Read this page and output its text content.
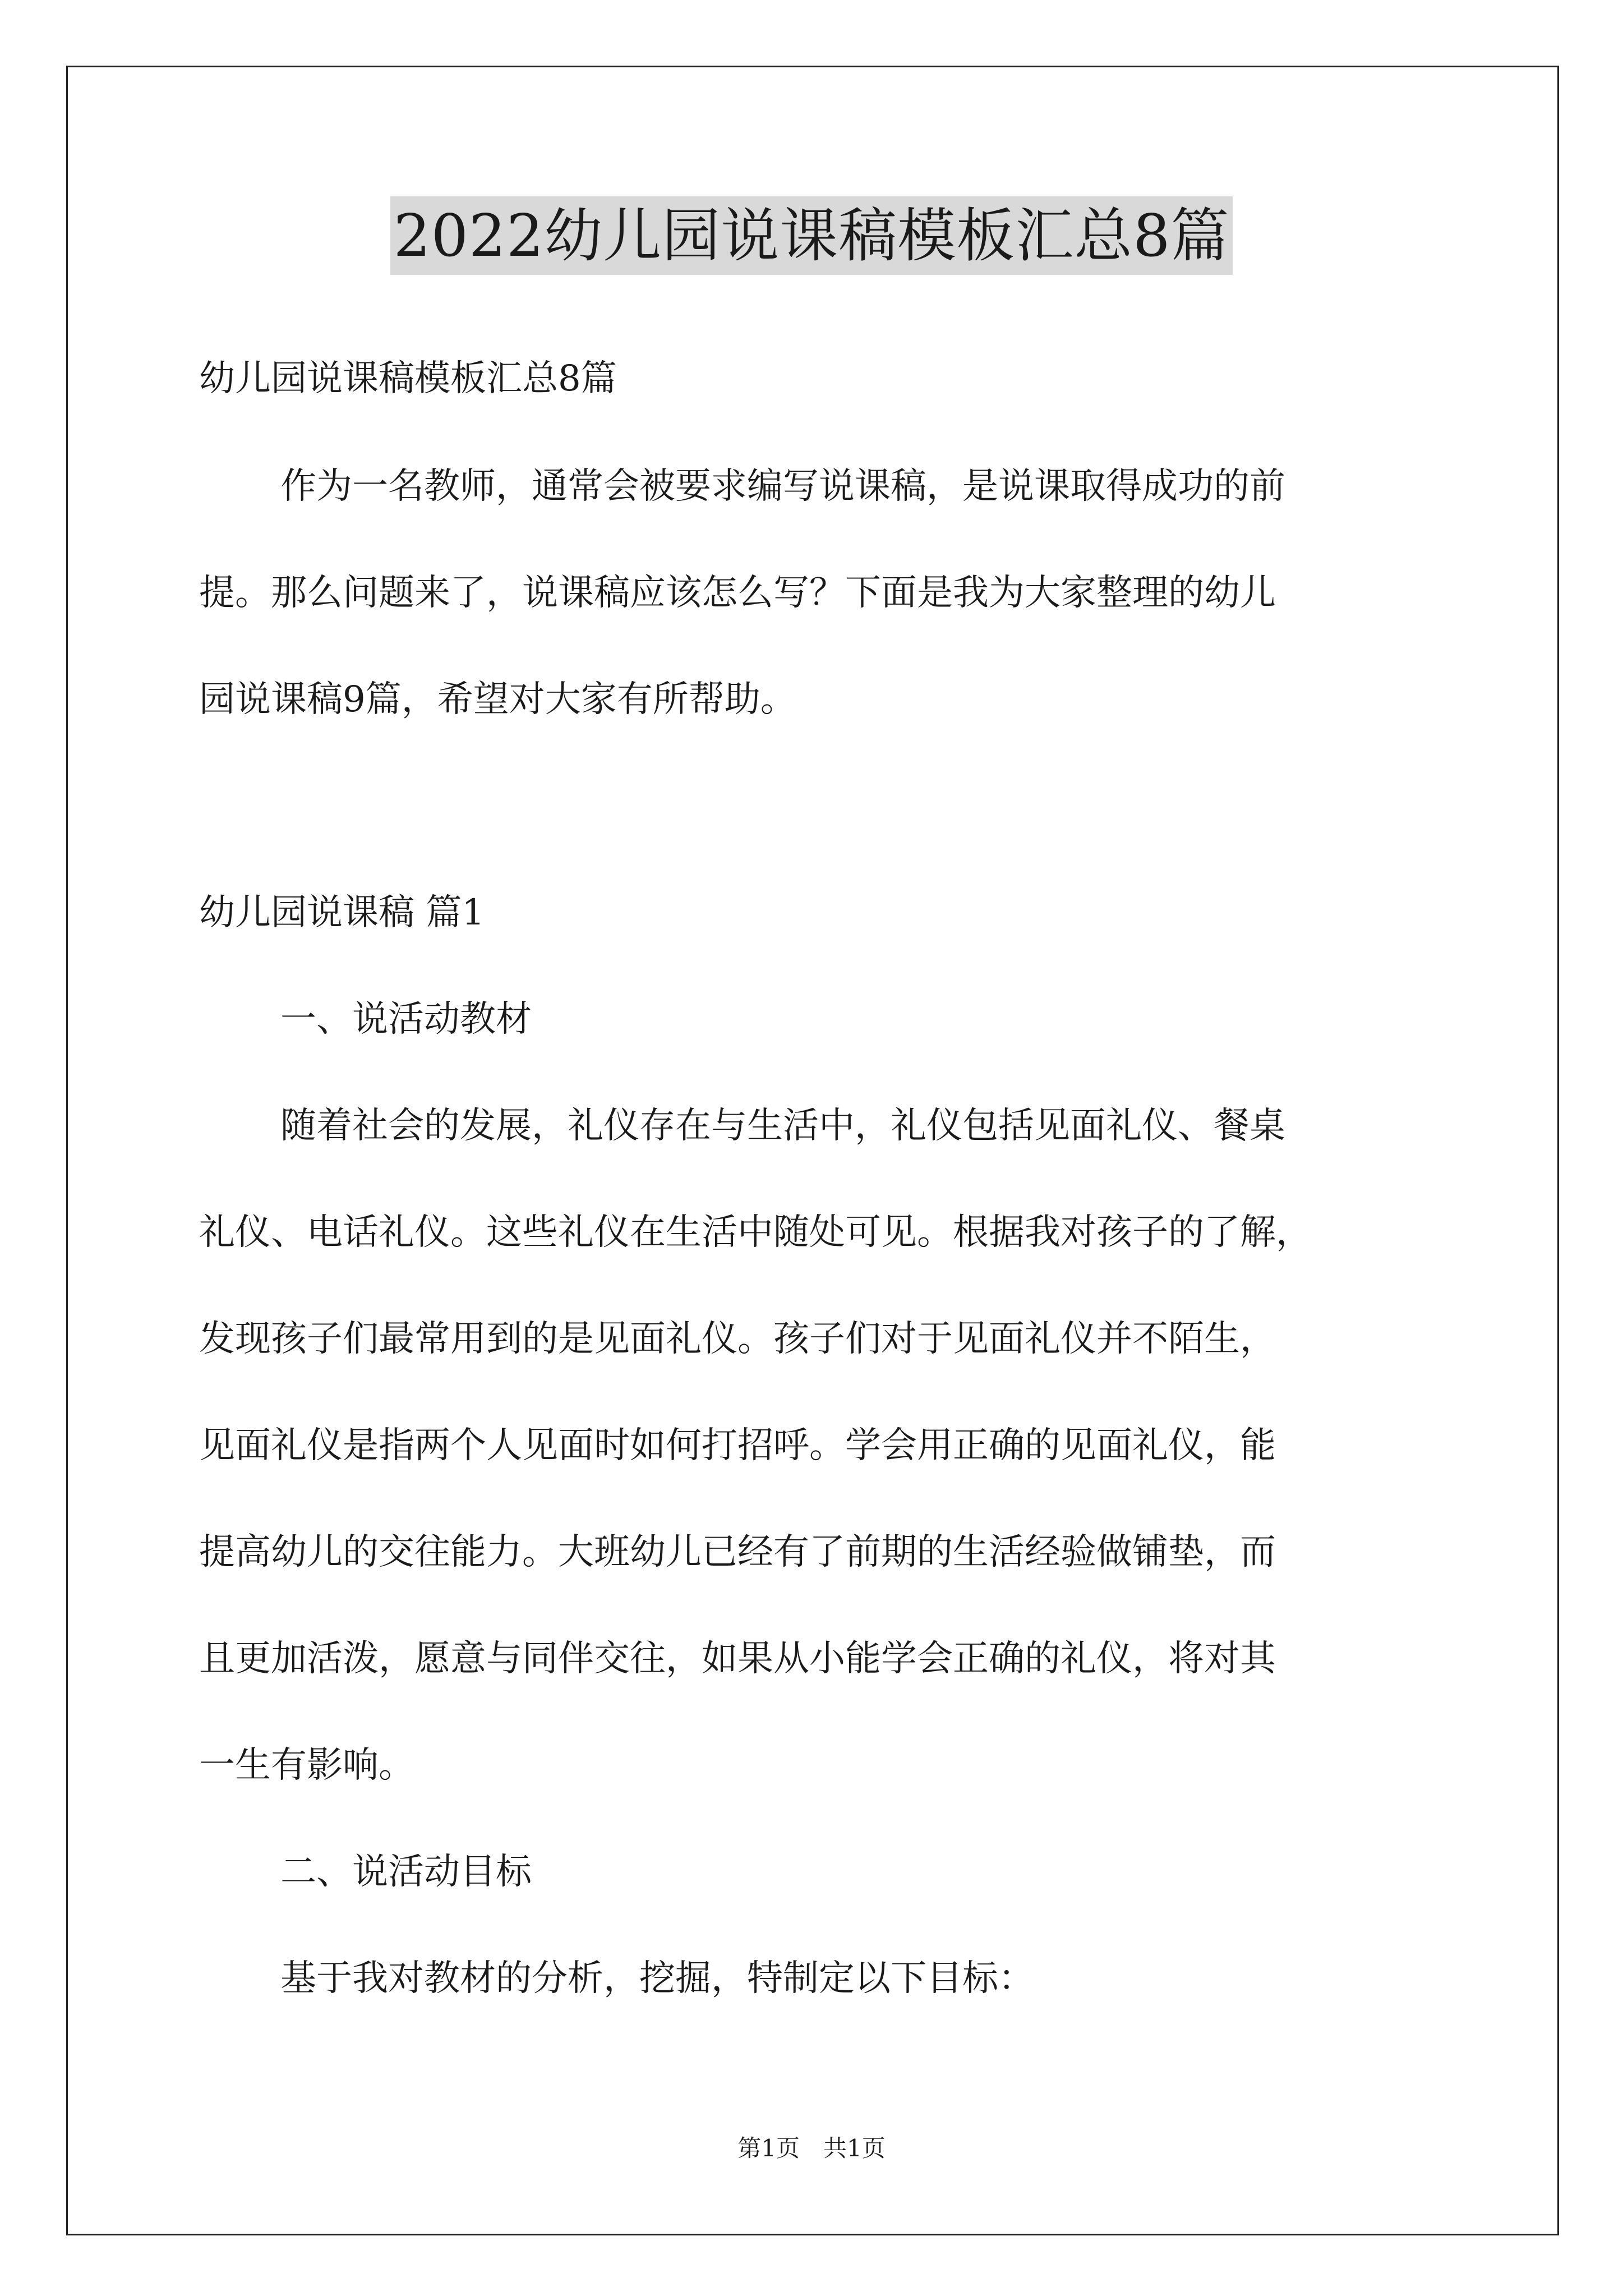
2022幼儿园说课稿模板汇总8篇
幼儿园说课稿模板汇总8篇
作为一名教师，通常会被要求编写说课稿，是说课取得成功的前
提。那么问题来了，说课稿应该怎么写？下面是我为大家整理的幼儿
园说课稿9篇，希望对大家有所帮助。
幼儿园说课稿 篇1
一、说活动教材
随着社会的发展，礼仪存在与生活中，礼仪包括见面礼仪、餐桌
礼仪、电话礼仪。这些礼仪在生活中随处可见。根据我对孩子的了解，
发现孩子们最常用到的是见面礼仪。孩子们对于见面礼仪并不陌生，
见面礼仪是指两个人见面时如何打招呼。学会用正确的见面礼仪，能
提高幼儿的交往能力。大班幼儿已经有了前期的生活经验做铺垫，而
且更加活泼，愿意与同伴交往，如果从小能学会正确的礼仪，将对其
一生有影响。
二、说活动目标
基于我对教材的分析，挖掘，特制定以下目标：
第1页　共1页
